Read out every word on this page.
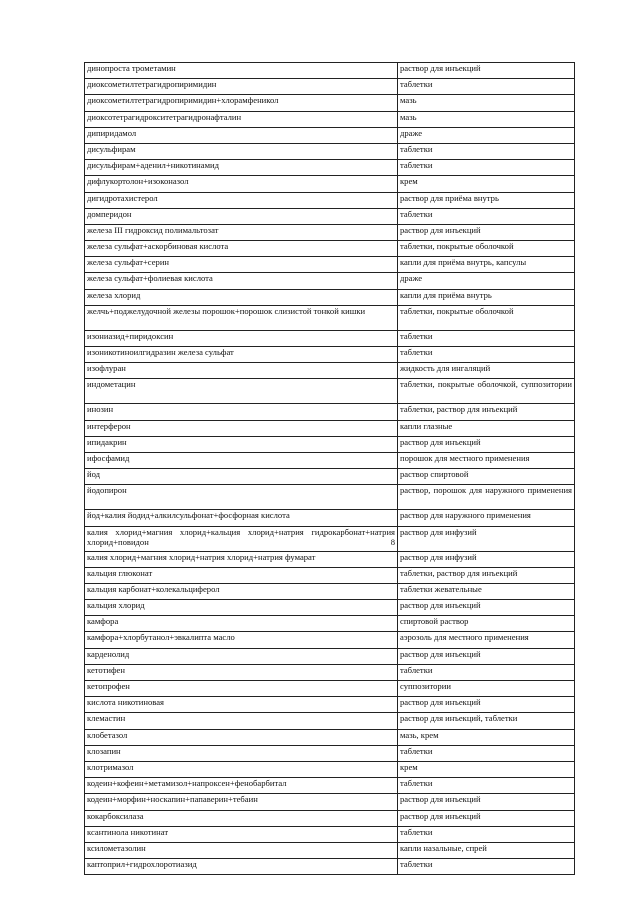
динопроста трометамин	раствор для инъекций
диоксометилтетрагидропиримидин	таблетки
диоксометилтетрагидропиримидин+хлорамфеникол	мазь
диоксотетрагидрокситетрагидронафталин	мазь
дипиридамол	драже
дисульфирам	таблетки
дисульфирам+аденил+никотинамид	таблетки
дифлукортолон+изоконазол	крем
дигидротахистерол	раствор для приёма внутрь
домперидон	таблетки
железа III гидроксид полимальтозат	раствор для инъекций
железа сульфат+аскорбиновая кислота	таблетки, покрытые оболочкой
железа сульфат+серин	капли для приёма внутрь, капсулы
железа сульфат+фолиевая кислота	драже
железа хлорид	капли для приёма внутрь
желчь+поджелудочной железы порошок+порошок слизистой тонкой кишки	таблетки, покрытые оболочкой
изониазид+пиридоксин	таблетки
изоникотиноилгидразин железа сульфат	таблетки
изофлуран	жидкость для ингаляций
индометацин	таблетки, покрытые оболочкой, суппозитории
инозин	таблетки, раствор для инъекций
интерферон	капли глазные
ипидакрин	раствор для инъекций
ифосфамид	порошок для местного применения
йод	раствор спиртовой
йодопирон	раствор, порошок для наружного применения
йод+калия йодид+алкилсульфонат+фосфорная кислота	раствор для наружного применения
калия хлорид+магния хлорид+кальция хлорид+натрия гидрокарбонат+натрия хлорид+повидон 8	раствор для инфузий
калия хлорид+магния хлорид+натрия хлорид+натрия фумарат	раствор для инфузий
кальция глюконат	таблетки, раствор для инъекций
кальция карбонат+колекальциферол	таблетки жевательные
кальция хлорид	раствор для инъекций
камфора	спиртовой раствор
камфора+хлорбутанол+эвкалипта масло	аэрозоль для местного применения
карденолид	раствор для инъекций
кетотифен	таблетки
кетопрофен	суппозитории
кислота никотиновая	раствор для инъекций
клемастин	раствор для инъекций, таблетки
клобетазол	мазь, крем
клозапин	таблетки
клотримазол	крем
кодеин+кофеин+метамизол+напроксен+фенобарбитал	таблетки
кодеин+морфин+носкапин+папаверин+тебаин	раствор для инъекций
кокарбоксилаза	раствор для инъекций
ксантинола никотинат	таблетки
ксилометазолин	капли назальные, спрей
каптоприл+гидрохлоротиазид	таблетки
